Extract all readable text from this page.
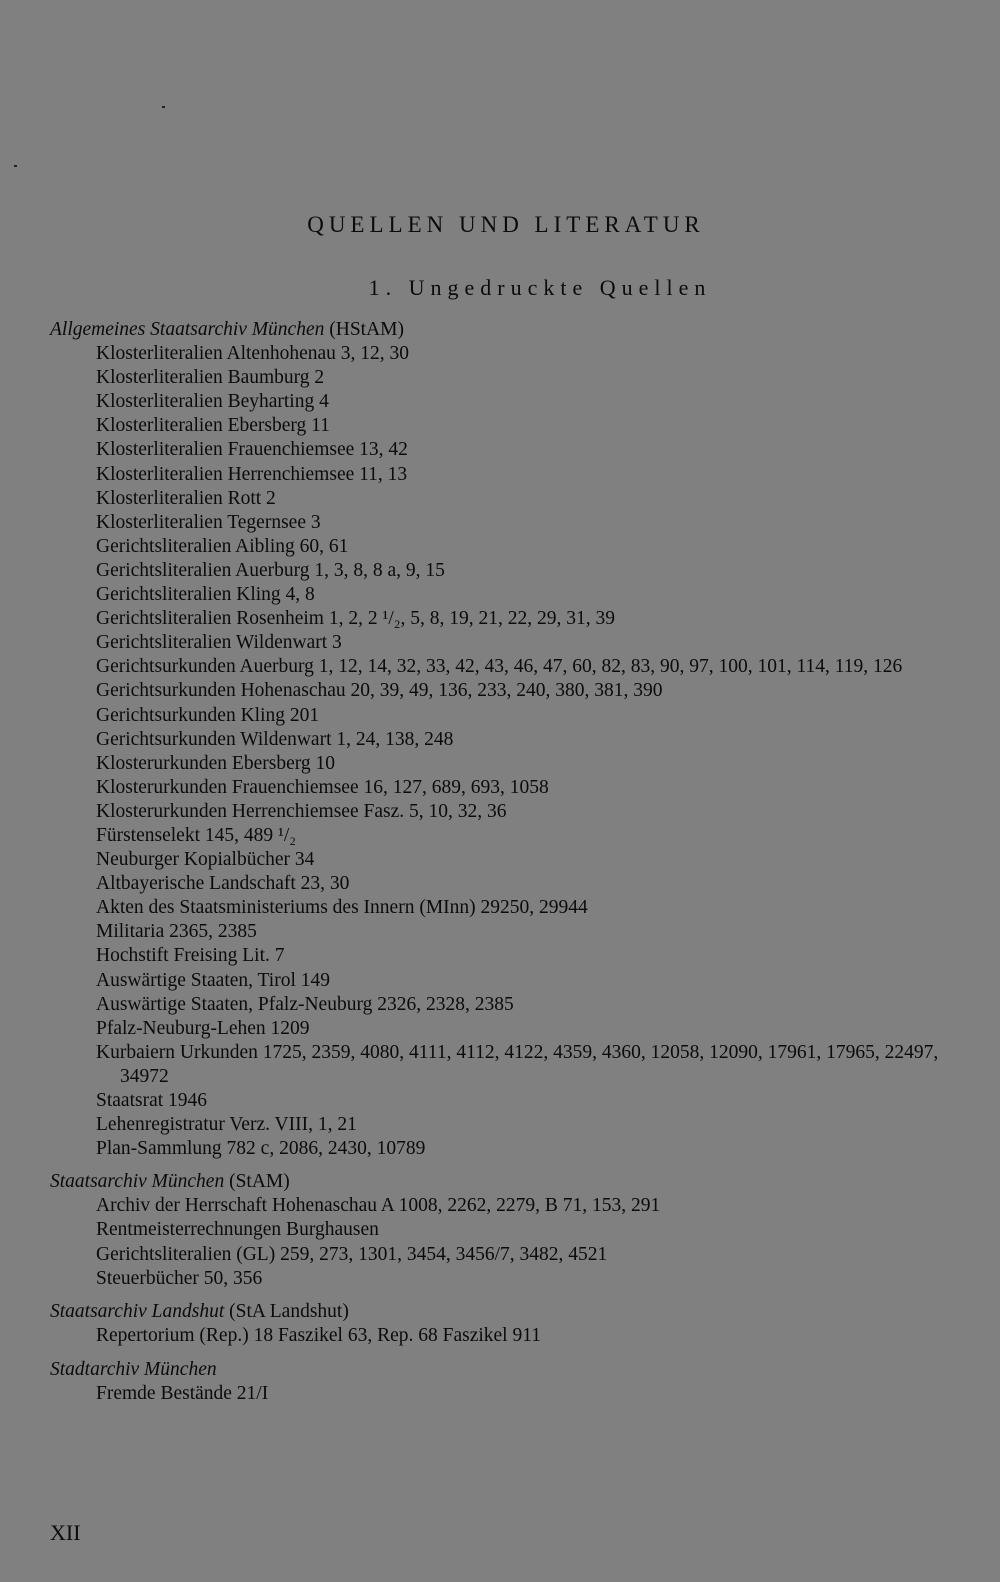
QUELLEN UND LITERATUR
1. Ungedruckte Quellen
Allgemeines Staatsarchiv München (HStAM)
Klosterliteralien Altenhohenau 3, 12, 30
Klosterliteralien Baumburg 2
Klosterliteralien Beyharting 4
Klosterliteralien Ebersberg 11
Klosterliteralien Frauenchiemsee 13, 42
Klosterliteralien Herrenchiemsee 11, 13
Klosterliteralien Rott 2
Klosterliteralien Tegernsee 3
Gerichtsliteralien Aibling 60, 61
Gerichtsliteralien Auerburg 1, 3, 8, 8 a, 9, 15
Gerichtsliteralien Kling 4, 8
Gerichtsliteralien Rosenheim 1, 2, 2 ¹/₂, 5, 8, 19, 21, 22, 29, 31, 39
Gerichtsliteralien Wildenwart 3
Gerichtsurkunden Auerburg 1, 12, 14, 32, 33, 42, 43, 46, 47, 60, 82, 83, 90, 97, 100, 101, 114, 119, 126
Gerichtsurkunden Hohenaschau 20, 39, 49, 136, 233, 240, 380, 381, 390
Gerichtsurkunden Kling 201
Gerichtsurkunden Wildenwart 1, 24, 138, 248
Klosterurkunden Ebersberg 10
Klosterurkunden Frauenchiemsee 16, 127, 689, 693, 1058
Klosterurkunden Herrenchiemsee Fasz. 5, 10, 32, 36
Fürstenselekt 145, 489 ¹/₂
Neuburger Kopialbücher 34
Altbayerische Landschaft 23, 30
Akten des Staatsministeriums des Innern (MInn) 29250, 29944
Militaria 2365, 2385
Hochstift Freising Lit. 7
Auswärtige Staaten, Tirol 149
Auswärtige Staaten, Pfalz-Neuburg 2326, 2328, 2385
Pfalz-Neuburg-Lehen 1209
Kurbaiern Urkunden 1725, 2359, 4080, 4111, 4112, 4122, 4359, 4360, 12058, 12090, 17961, 17965, 22497, 34972
Staatsrat 1946
Lehenregistratur Verz. VIII, 1, 21
Plan-Sammlung 782 c, 2086, 2430, 10789
Staatsarchiv München (StAM)
Archiv der Herrschaft Hohenaschau A 1008, 2262, 2279, B 71, 153, 291
Rentmeisterrechnungen Burghausen
Gerichtsliteralien (GL) 259, 273, 1301, 3454, 3456/7, 3482, 4521
Steuerbücher 50, 356
Staatsarchiv Landshut (StA Landshut)
Repertorium (Rep.) 18 Faszikel 63, Rep. 68 Faszikel 911
Stadtarchiv München
Fremde Bestände 21/I
XII
